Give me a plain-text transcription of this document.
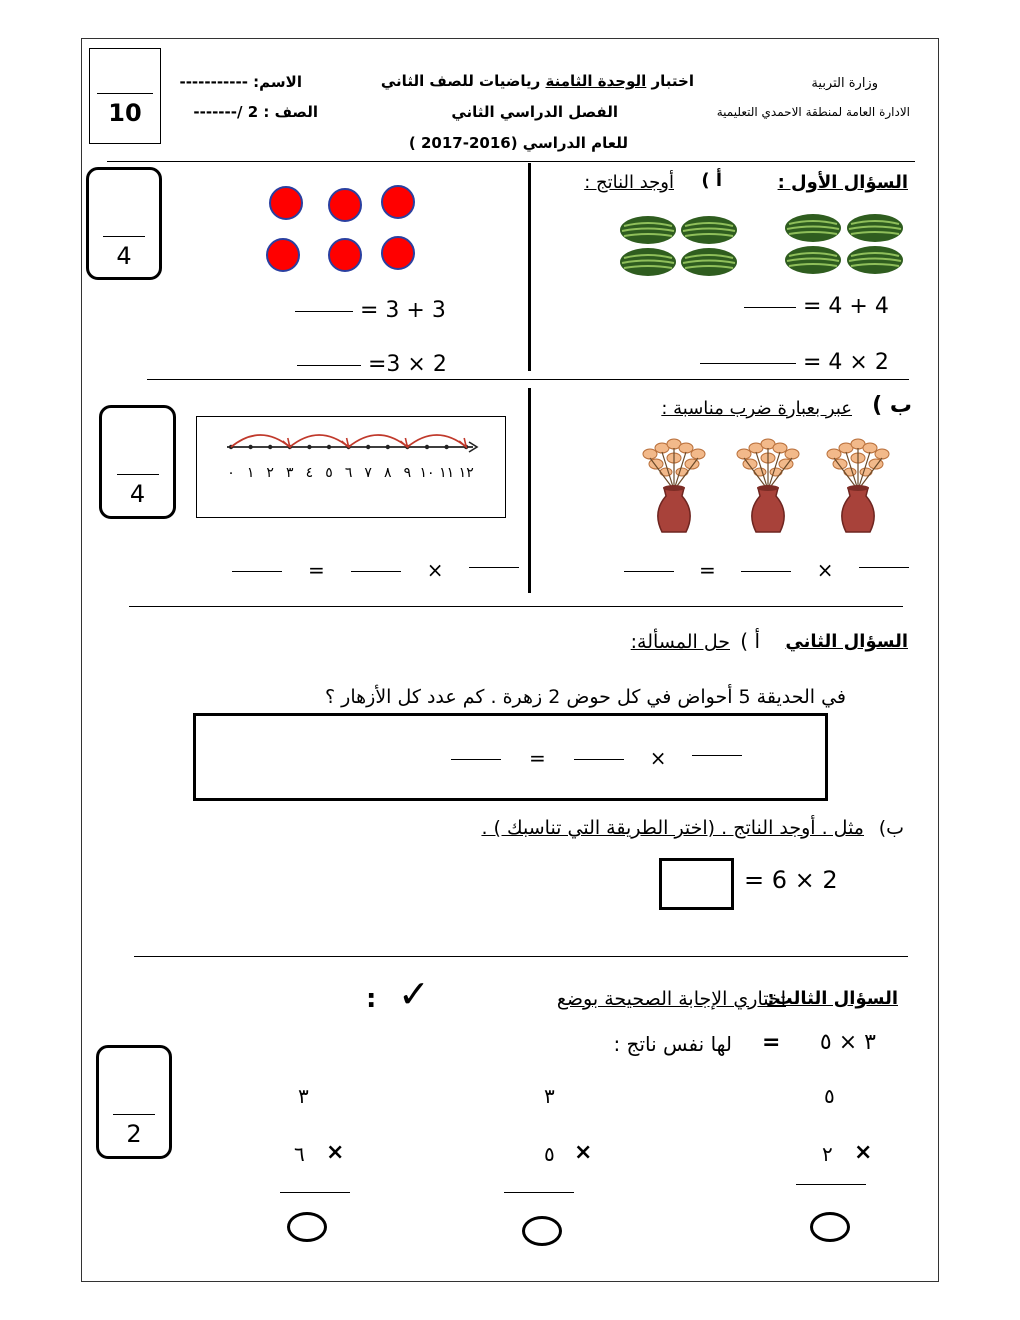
10
وزارة التربية
الادارة العامة لمنطقة الاحمدي التعليمية
اختبار الوحدة الثامنة رياضيات للصف الثاني
الفصل الدراسي الثاني
للعام الدراسي (2016-2017 )
الاسم: -----------
الصف : 2 /-------
السؤال الأول :
أ )
أوجد الناتج :
4 + 4 =
2 × 4 =
3 + 3 =
2 × 3=
4
ب )
عبر بعبارة ضرب مناسبة :
=	×
٠ ١ ٢ ٣ ٤ ٥ ٦ ٧ ٨ ٩ ١٠ ١١ ١٢
=	×
4
السؤال الثاني
أ )
حل المسألة:
في الحديقة 5 أحواض في كل حوض 2 زهرة . كم عدد كل الأزهار ؟
=	×
ب)
مثل . أوجد الناتج . (اختر الطريقة التي تناسبك ) .
2 × 6 =
السؤال الثالث:
اختاري الإجابة الصحيحة بوضع
✓
:
٣ × ٥
=
لها نفس ناتج :
2
٣
×
٦
٣
×
٥
٥
×
٢
